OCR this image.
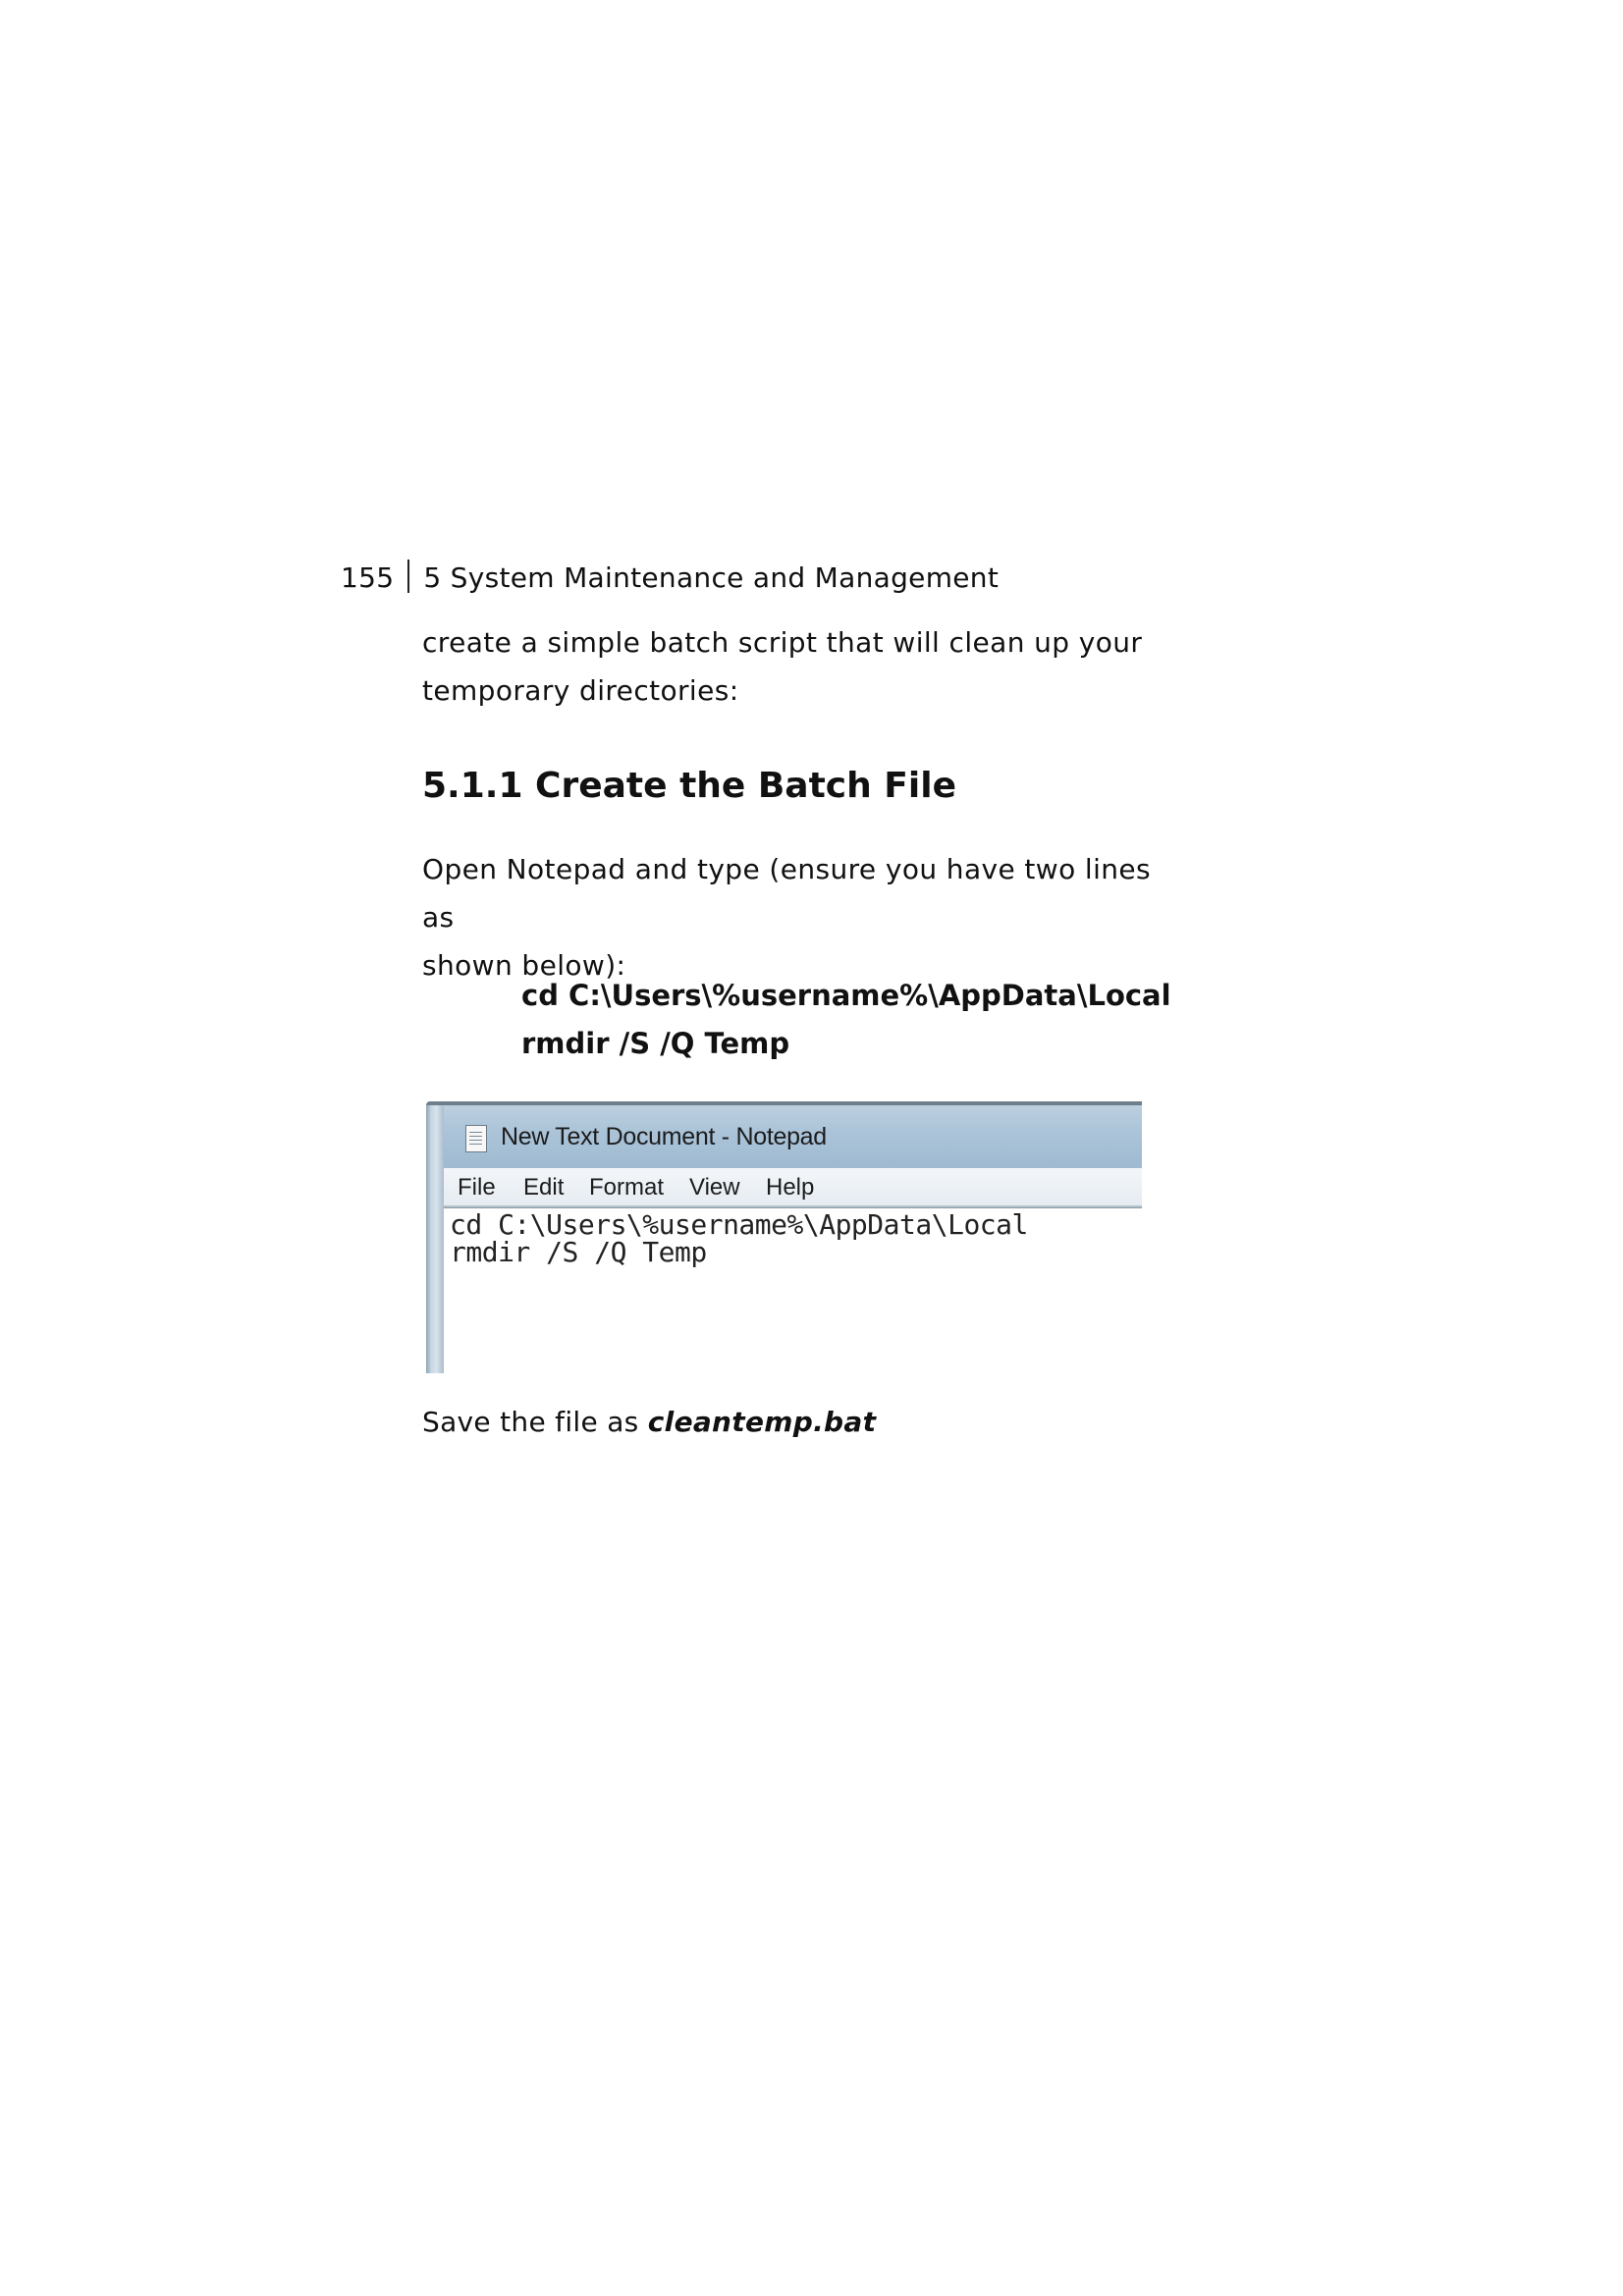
155 5 System Maintenance and Management
create a simple batch script that will clean up your
temporary directories:
5.1.1 Create the Batch File
Open Notepad and type (ensure you have two lines as
shown below):
cd C:\Users\%username%\AppData\Local
rmdir /S /Q Temp
New Text Document - Notepad
File Edit Format View Help
cd C:\Users\%username%\AppData\Local
rmdir /S /Q Temp
Save the file as cleantemp.bat
